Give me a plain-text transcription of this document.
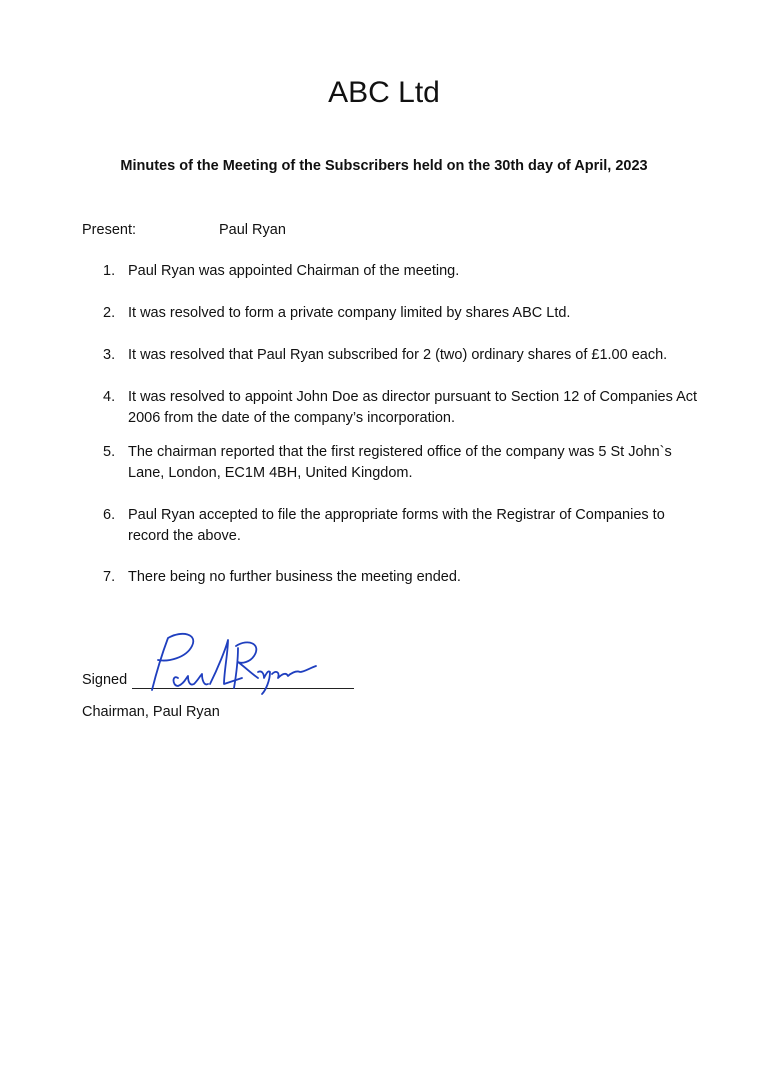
ABC Ltd
Minutes of the Meeting of the Subscribers held on the 30th day of April, 2023
Present:	Paul Ryan
1. Paul Ryan was appointed Chairman of the meeting.
2. It was resolved to form a private company limited by shares ABC Ltd.
3. It was resolved that Paul Ryan subscribed for 2 (two) ordinary shares of £1.00 each.
4. It was resolved to appoint John Doe as director pursuant to Section 12 of Companies Act 2006 from the date of the company’s incorporation.
5. The chairman reported that the first registered office of the company was 5 St John`s Lane, London, EC1M 4BH, United Kingdom.
6. Paul Ryan accepted to file the appropriate forms with the Registrar of Companies to record the above.
7. There being no further business the meeting ended.
Signed
Chairman, Paul Ryan
